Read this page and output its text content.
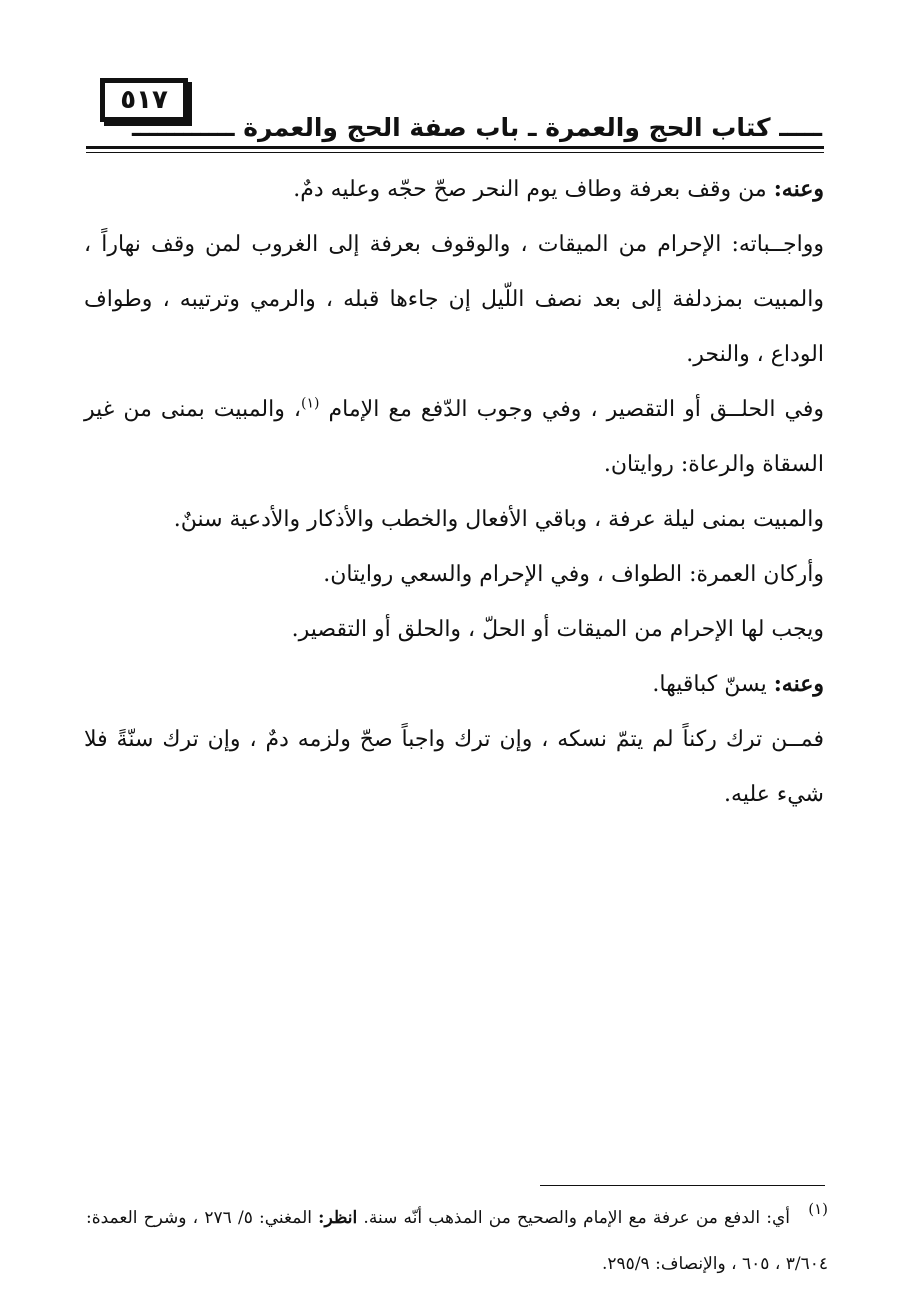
٥١٧
ـــــ كتاب الحج والعمرة ـ باب صفة الحج والعمرة ــــــــــــ

وعنه: من وقف بعرفة وطاف يوم النحر صحّ حجّه وعليه دمٌ.

وواجــباته: الإحرام من الميقات ، والوقوف بعرفة إلى الغروب لمن وقف نهاراً ، والمبيت بمزدلفة إلى بعد نصف اللّيل إن جاءها قبله ، والرمي وترتيبه ، وطواف الوداع ، والنحر.

وفي الحلــق أو التقصير ، وفي وجوب الدّفع مع الإمام $^{(١)}$، والمبيت بمنى من غير السقاة والرعاة: روايتان.

والمبيت بمنى ليلة عرفة ، وباقي الأفعال والخطب والأذكار والأدعية سننٌ.

وأركان العمرة: الطواف ، وفي الإحرام والسعي روايتان.

ويجب لها الإحرام من الميقات أو الحلّ ، والحلق أو التقصير.

وعنه: يسنّ كباقيها.

فمــن ترك ركناً لم يتمّ نسكه ، وإن ترك واجباً صحّ ولزمه دمٌ ، وإن ترك سنّةً فلا شيء عليه.

(١)أي: الدفع من عرفة مع الإمام والصحيح من المذهب أنّه سنة. انظر: المغني: ٥/ ٢٧٦ ، وشرح العمدة: ٣/٦٠٤ ، ٦٠٥ ، والإنصاف: ٢٩٥/٩.
